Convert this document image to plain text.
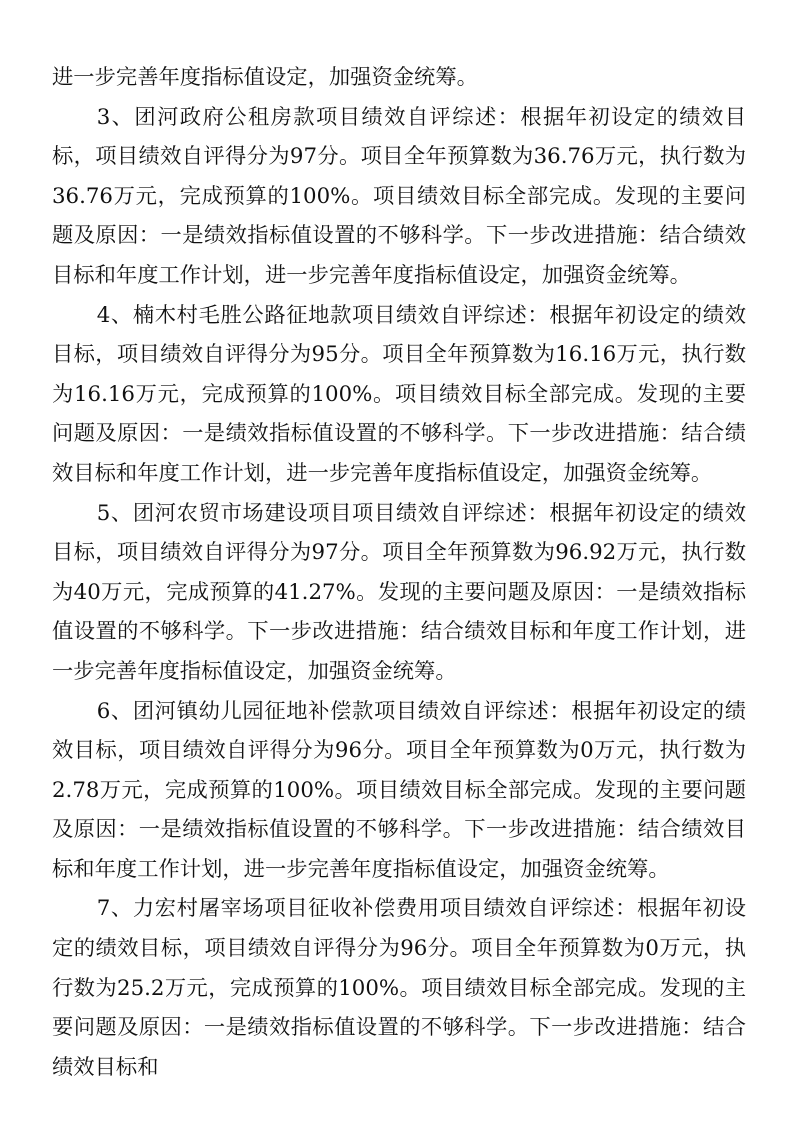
进一步完善年度指标值设定，加强资金统筹。

3、团河政府公租房款项目绩效自评综述：根据年初设定的绩效目标，项目绩效自评得分为97分。项目全年预算数为36.76万元，执行数为36.76万元，完成预算的100%。项目绩效目标全部完成。发现的主要问题及原因：一是绩效指标值设置的不够科学。下一步改进措施：结合绩效目标和年度工作计划，进一步完善年度指标值设定，加强资金统筹。

4、楠木村毛胜公路征地款项目绩效自评综述：根据年初设定的绩效目标，项目绩效自评得分为95分。项目全年预算数为16.16万元，执行数为16.16万元，完成预算的100%。项目绩效目标全部完成。发现的主要问题及原因：一是绩效指标值设置的不够科学。下一步改进措施：结合绩效目标和年度工作计划，进一步完善年度指标值设定，加强资金统筹。

5、团河农贸市场建设项目项目绩效自评综述：根据年初设定的绩效目标，项目绩效自评得分为97分。项目全年预算数为96.92万元，执行数为40万元，完成预算的41.27%。发现的主要问题及原因：一是绩效指标值设置的不够科学。下一步改进措施：结合绩效目标和年度工作计划，进一步完善年度指标值设定，加强资金统筹。

6、团河镇幼儿园征地补偿款项目绩效自评综述：根据年初设定的绩效目标，项目绩效自评得分为96分。项目全年预算数为0万元，执行数为2.78万元，完成预算的100%。项目绩效目标全部完成。发现的主要问题及原因：一是绩效指标值设置的不够科学。下一步改进措施：结合绩效目标和年度工作计划，进一步完善年度指标值设定，加强资金统筹。

7、力宏村屠宰场项目征收补偿费用项目绩效自评综述：根据年初设定的绩效目标，项目绩效自评得分为96分。项目全年预算数为0万元，执行数为25.2万元，完成预算的100%。项目绩效目标全部完成。发现的主要问题及原因：一是绩效指标值设置的不够科学。下一步改进措施：结合绩效目标和
